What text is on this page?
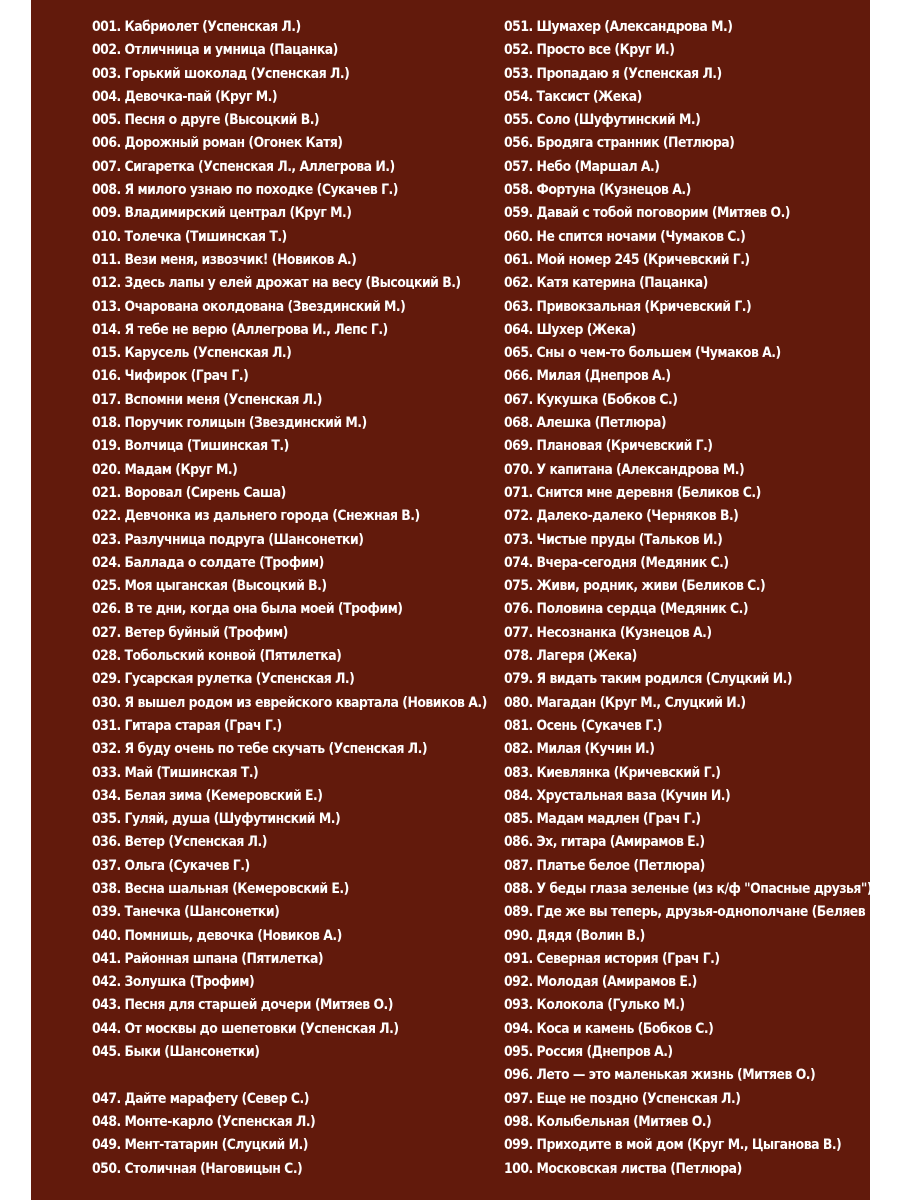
001. Кабриолет (Успенская Л.)
002. Отличница и умница (Пацанка)
003. Горький шоколад (Успенская Л.)
004. Девочка-пай (Круг М.)
005. Песня о друге (Высоцкий В.)
006. Дорожный роман (Огонек Катя)
007. Сигаретка (Успенская Л., Аллегрова И.)
008. Я милого узнаю по походке (Сукачев Г.)
009. Владимирский централ (Круг М.)
010. Толечка (Тишинская Т.)
011. Вези меня, извозчик! (Новиков А.)
012. Здесь лапы у елей дрожат на весу (Высоцкий В.)
013. Очарована околдована (Звездинский М.)
014. Я тебе не верю (Аллегрова И., Лепс Г.)
015. Карусель (Успенская Л.)
016. Чифирок (Грач Г.)
017. Вспомни меня (Успенская Л.)
018. Поручик голицын (Звездинский М.)
019. Волчица (Тишинская Т.)
020. Мадам (Круг М.)
021. Воровал (Сирень Саша)
022. Девчонка из дальнего города (Снежная В.)
023. Разлучница подруга (Шансонетки)
024. Баллада о солдате (Трофим)
025. Моя цыганская (Высоцкий В.)
026. В те дни, когда она была моей (Трофим)
027. Ветер буйный (Трофим)
028. Тобольский конвой (Пятилетка)
029. Гусарская рулетка (Успенская Л.)
030. Я вышел родом из еврейского квартала (Новиков А.)
031. Гитара старая (Грач Г.)
032. Я буду очень по тебе скучать (Успенская Л.)
033. Май (Тишинская Т.)
034. Белая зима (Кемеровский Е.)
035. Гуляй, душа (Шуфутинский М.)
036. Ветер (Успенская Л.)
037. Ольга (Сукачев Г.)
038. Весна шальная (Кемеровский Е.)
039. Танечка (Шансонетки)
040. Помнишь, девочка (Новиков А.)
041. Районная шпана (Пятилетка)
042. Золушка (Трофим)
043. Песня для старшей дочери (Митяев О.)
044. От москвы до шепетовки (Успенская Л.)
045. Быки (Шансонетки)
047. Дайте марафету (Север С.)
048. Монте-карло (Успенская Л.)
049. Мент-татарин (Слуцкий И.)
050. Столичная (Наговицын С.)
051. Шумахер (Александрова М.)
052. Просто все (Круг И.)
053. Пропадаю я (Успенская Л.)
054. Таксист (Жека)
055. Соло (Шуфутинский М.)
056. Бродяга странник (Петлюра)
057. Небо (Маршал А.)
058. Фортуна (Кузнецов А.)
059. Давай с тобой поговорим (Митяев О.)
060. Не спится ночами (Чумаков С.)
061. Мой номер 245 (Кричевский Г.)
062. Катя катерина (Пацанка)
063. Привокзальная (Кричевский Г.)
064. Шухер (Жека)
065. Сны о чем-то большем (Чумаков А.)
066. Милая (Днепров А.)
067. Кукушка (Бобков С.)
068. Алешка (Петлюра)
069. Плановая (Кричевский Г.)
070. У капитана (Александрова М.)
071. Снится мне деревня (Беликов С.)
072. Далеко-далеко (Черняков В.)
073. Чистые пруды (Тальков И.)
074. Вчера-сегодня (Медяник С.)
075. Живи, родник, живи (Беликов С.)
076. Половина сердца (Медяник С.)
077. Несознанка (Кузнецов А.)
078. Лагеря (Жека)
079. Я видать таким родился (Слуцкий И.)
080. Магадан (Круг М., Слуцкий И.)
081. Осень (Сукачев Г.)
082. Милая (Кучин И.)
083. Киевлянка (Кричевский Г.)
084. Хрустальная ваза (Кучин И.)
085. Мадам мадлен (Грач Г.)
086. Эх, гитара (Амирамов Е.)
087. Платье белое (Петлюра)
088. У беды глаза зеленые (из к/ф "Опасные друзья")
089. Где же вы теперь, друзья-однополчане (Беляев Е.)
090. Дядя (Волин В.)
091. Северная история (Грач Г.)
092. Молодая (Амирамов Е.)
093. Колокола (Гулько М.)
094. Коса и камень (Бобков С.)
095. Россия (Днепров А.)
096. Лето — это маленькая жизнь (Митяев О.)
097. Еще не поздно (Успенская Л.)
098. Колыбельная (Митяев О.)
099. Приходите в мой дом (Круг М., Цыганова В.)
100. Московская листва (Петлюра)
